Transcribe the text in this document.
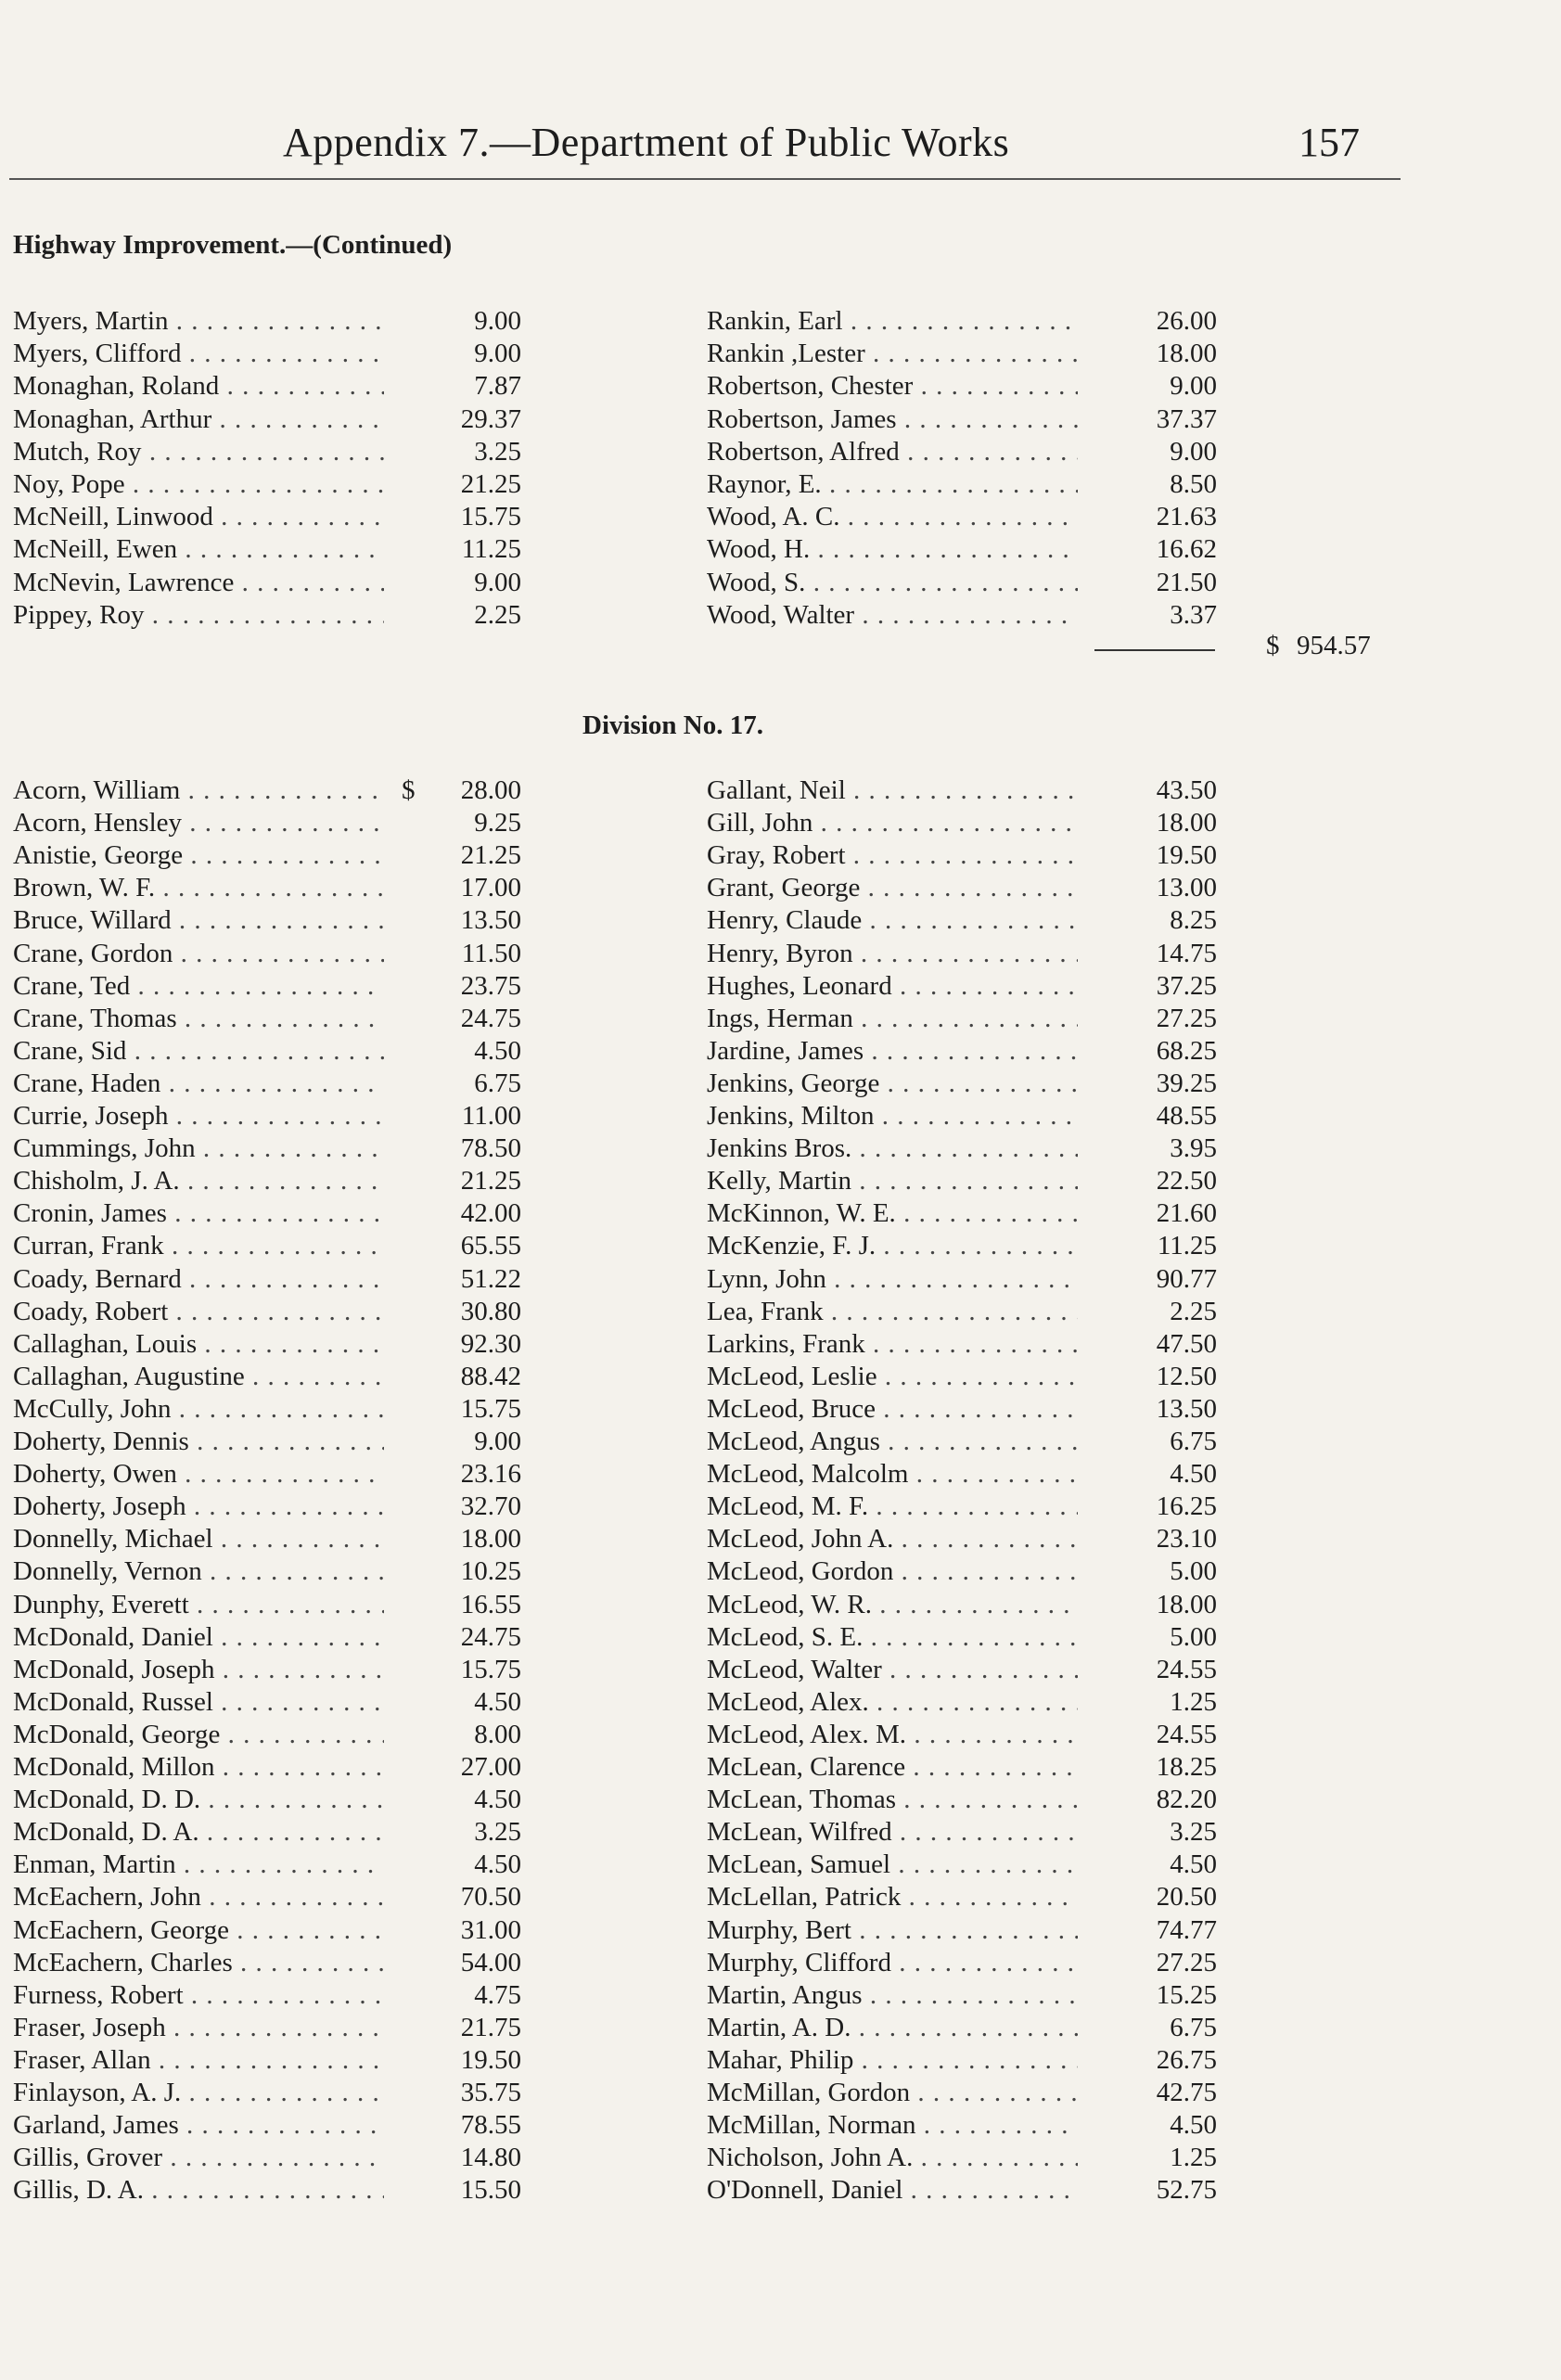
Appendix 7.—Department of Public Works	157
Highway Improvement.—(Continued)
Myers, Martin . . .	9.00	Rankin, Earl . . .	26.00
Myers, Clifford . . .	9.00	Rankin ,Lester . . .	18.00
Monaghan, Roland . . .	7.87	Robertson, Chester . . .	9.00
Monaghan, Arthur . . .	29.37	Robertson, James . . .	37.37
Mutch, Roy . . .	3.25	Robertson, Alfred . . .	9.00
Noy, Pope . . .	21.25	Raynor, E. . . .	8.50
McNeill, Linwood . . .	15.75	Wood, A. C. . . .	21.63
McNeill, Ewen . . .	11.25	Wood, H. . . .	16.62
McNevin, Lawrence . . .	9.00	Wood, S. . . .	21.50
Pippey, Roy . . .	2.25	Wood, Walter . . .	3.37
$ 954.57
Division No. 17.
Acorn, William . . .	$	28.00	Gallant, Neil . . .	43.50
Acorn, Hensley . . .	9.25	Gill, John . . .	18.00
Anistie, George . . .	21.25	Gray, Robert . . .	19.50
Brown, W. F. . . .	17.00	Grant, George . . .	13.00
Bruce, Willard . . .	13.50	Henry, Claude . . .	8.25
Crane, Gordon . . .	11.50	Henry, Byron . . .	14.75
Crane, Ted . . .	23.75	Hughes, Leonard . . .	37.25
Crane, Thomas . . .	24.75	Ings, Herman . . .	27.25
Crane, Sid . . .	4.50	Jardine, James . . .	68.25
Crane, Haden . . .	6.75	Jenkins, George . . .	39.25
Currie, Joseph . . .	11.00	Jenkins, Milton . . .	48.55
Cummings, John . . .	78.50	Jenkins Bros. . . .	3.95
Chisholm, J. A. . . .	21.25	Kelly, Martin . . .	22.50
Cronin, James . . .	42.00	McKinnon, W. E. . . .	21.60
Curran, Frank . . .	65.55	McKenzie, F. J. . . .	11.25
Coady, Bernard . . .	51.22	Lynn, John . . .	90.77
Coady, Robert . . .	30.80	Lea, Frank . . .	2.25
Callaghan, Louis . . .	92.30	Larkins, Frank . . .	47.50
Callaghan, Augustine . . .	88.42	McLeod, Leslie . . .	12.50
McCully, John . . .	15.75	McLeod, Bruce . . .	13.50
Doherty, Dennis . . .	9.00	McLeod, Angus . . .	6.75
Doherty, Owen . . .	23.16	McLeod, Malcolm . . .	4.50
Doherty, Joseph . . .	32.70	McLeod, M. F. . . .	16.25
Donnelly, Michael . . .	18.00	McLeod, John A. . . .	23.10
Donnelly, Vernon . . .	10.25	McLeod, Gordon . . .	5.00
Dunphy, Everett . . .	16.55	McLeod, W. R. . . .	18.00
McDonald, Daniel . . .	24.75	McLeod, S. E. . . .	5.00
McDonald, Joseph . . .	15.75	McLeod, Walter . . .	24.55
McDonald, Russel . . .	4.50	McLeod, Alex. . . .	1.25
McDonald, George . . .	8.00	McLeod, Alex. M. . . .	24.55
McDonald, Millon . . .	27.00	McLean, Clarence . . .	18.25
McDonald, D. D. . . .	4.50	McLean, Thomas . . .	82.20
McDonald, D. A. . . .	3.25	McLean, Wilfred . . .	3.25
Enman, Martin . . .	4.50	McLean, Samuel . . .	4.50
McEachern, John . . .	70.50	McLellan, Patrick . . .	20.50
McEachern, George . . .	31.00	Murphy, Bert . . .	74.77
McEachern, Charles . . .	54.00	Murphy, Clifford . . .	27.25
Furness, Robert . . .	4.75	Martin, Angus . . .	15.25
Fraser, Joseph . . .	21.75	Martin, A. D. . . .	6.75
Fraser, Allan . . .	19.50	Mahar, Philip . . .	26.75
Finlayson, A. J. . . .	35.75	McMillan, Gordon . . .	42.75
Garland, James . . .	78.55	McMillan, Norman . . .	4.50
Gillis, Grover . . .	14.80	Nicholson, John A. . . .	1.25
Gillis, D. A. . . .	15.50	O'Donnell, Daniel . . .	52.75
